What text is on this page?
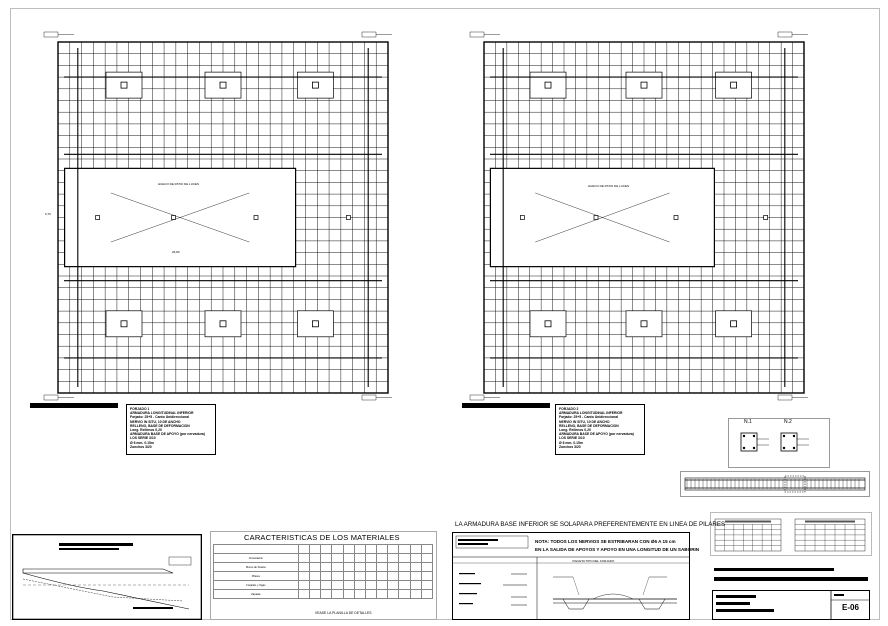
HUECO DE PATIO DE LUCES
26,80
6,70
HUECO DE PATIO DE LUCES
FORJADO 1
ARMADURA LONGITUDINAL INFERIOR
Forjado: 25+5 - Canto Unidireccional
NERVIO IN SITU, 10 DE ANCHO
RELLENO, BASE DE DEFORMACION
Long. Rellenos 0,20
ARMADURA BASE DE APOYO (por nervadura)
LOS SERIE 3/10
Ø 6 mm. 0.15m
Zunchos 3/20
FORJADO 2
ARMADURA LONGITUDINAL INFERIOR
Forjado: 25+5 - Canto Unidireccional
NERVIO IN SITU, 10 DE ANCHO
RELLENO, BASE DE DEFORMACION
Long. Rellenos 0,20
ARMADURA BASE DE APOYO (por nervadura)
LOS SERIE 3/10
Ø 6 mm. 0.15m
Zunchos 3/20
N.1	N.2
E-06

Cimentacion												
Muros de Sotano												
Pilares												
Forjados y Vigas												
Zapatas												
CARACTERISTICAS DE LOS MATERIALES
VEASE LA PLANILLA DE DETALLES
LA ARMADURA BASE INFERIOR SE SOLAPARA PREFERENTEMENTE EN LINEA DE PILARES
NOTA: TODOS LOS NERVIOS SE ESTRIBARAN CON Ø6 A 15 cm
EN LA SALIDA DE APOYOS Y APOYO EN UNA LONGITUD DE UN SABORIN
VIGUETA TIPO DEL FORJADO
